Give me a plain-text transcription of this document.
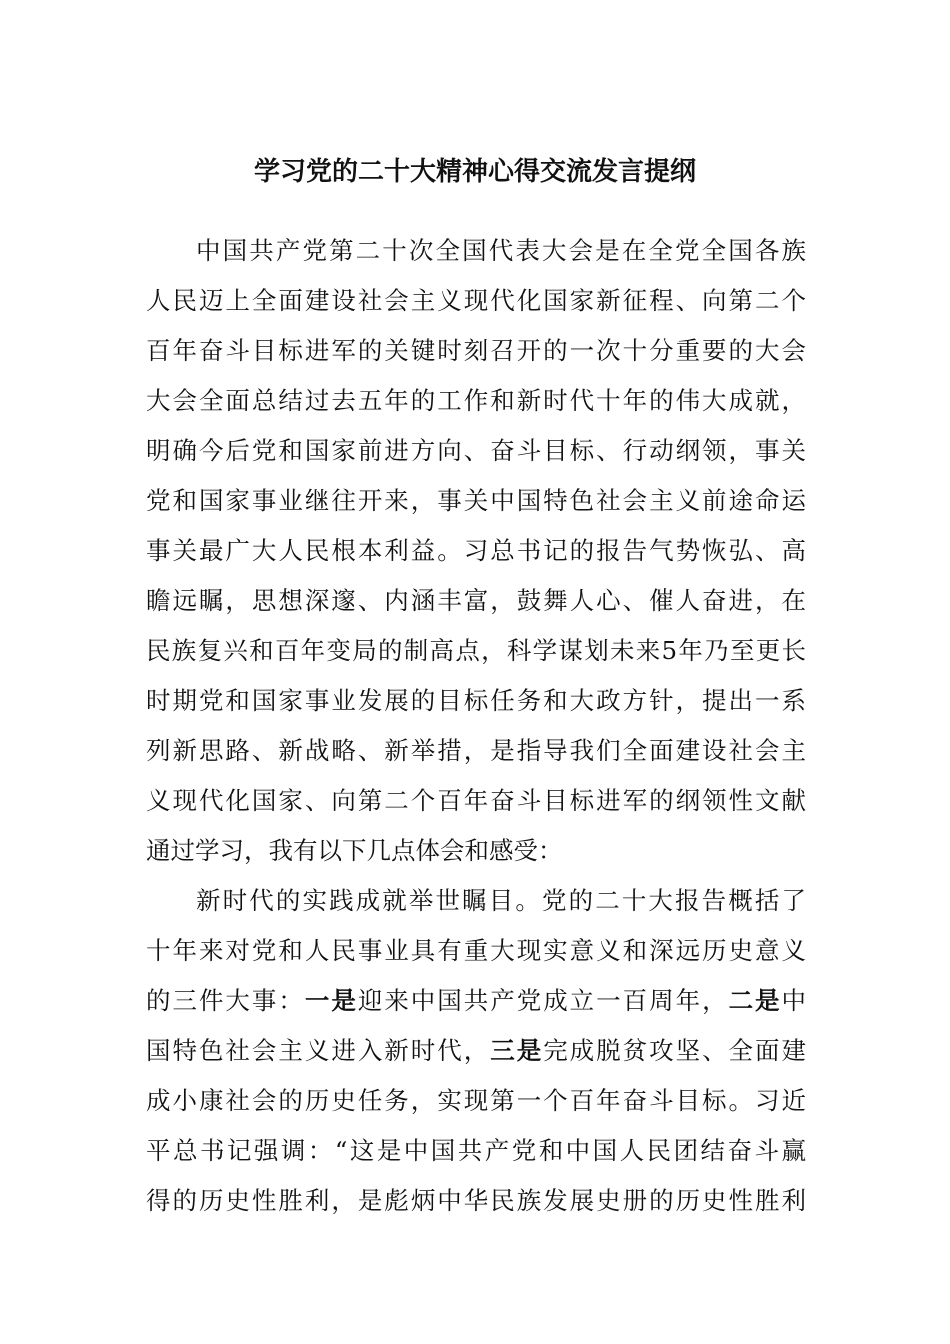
学习党的二十大精神心得交流发言提纲
中国共产党第二十次全国代表大会是在全党全国各族
人民迈上全面建设社会主义现代化国家新征程、向第二个
百年奋斗目标进军的关键时刻召开的一次十分重要的大会
大会全面总结过去五年的工作和新时代十年的伟大成就，
明确今后党和国家前进方向、奋斗目标、行动纲领，事关
党和国家事业继往开来，事关中国特色社会主义前途命运
事关最广大人民根本利益。习总书记的报告气势恢弘、高
瞻远瞩，思想深邃、内涵丰富，鼓舞人心、催人奋进，在
民族复兴和百年变局的制高点，科学谋划未来5年乃至更长
时期党和国家事业发展的目标任务和大政方针，提出一系
列新思路、新战略、新举措，是指导我们全面建设社会主
义现代化国家、向第二个百年奋斗目标进军的纲领性文献
通过学习，我有以下几点体会和感受：
新时代的实践成就举世瞩目。党的二十大报告概括了
十年来对党和人民事业具有重大现实意义和深远历史意义
的三件大事：一是迎来中国共产党成立一百周年，二是中
国特色社会主义进入新时代，三是完成脱贫攻坚、全面建
成小康社会的历史任务，实现第一个百年奋斗目标。习近
平总书记强调：“这是中国共产党和中国人民团结奋斗赢
得的历史性胜利，是彪炳中华民族发展史册的历史性胜利
